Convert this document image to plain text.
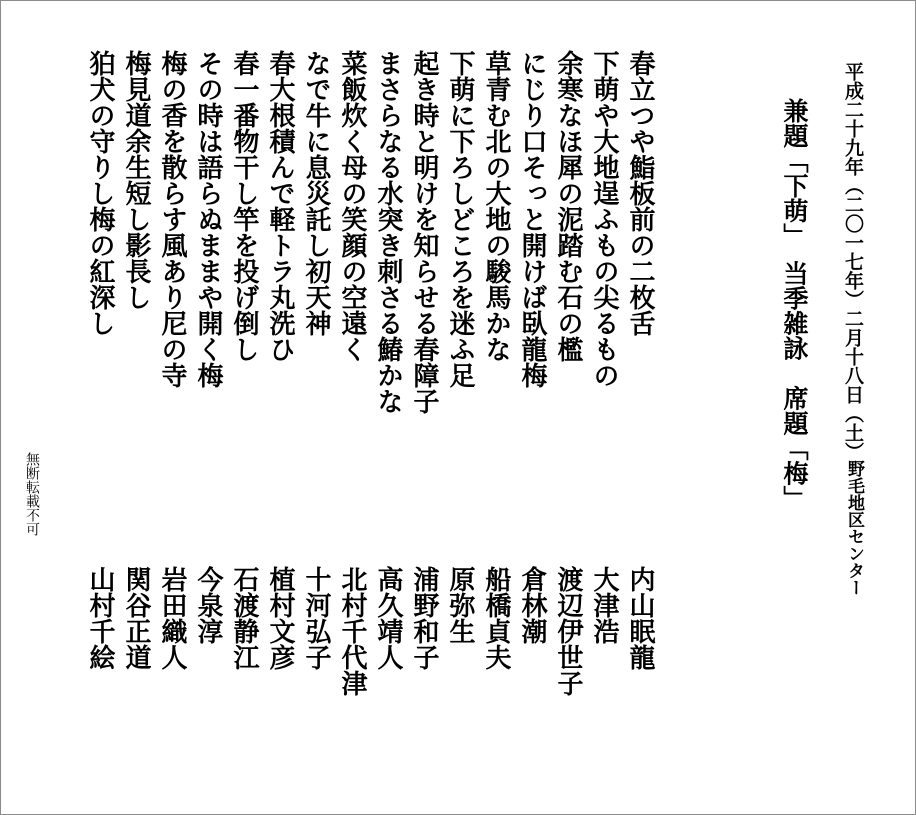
平成二十九年（二〇一七年）二月十八日（土）

野毛地区センター

兼題「下萌」　当季雑詠　席題「梅」

春立つや鮨板前の二枚舌

下萌や大地逞ふもの尖るもの

余寒なほ犀の泥踏む石の檻

にじり口そっと開けば臥龍梅

草青む北の大地の駿馬かな

下萌に下ろしどころを迷ふ足

起き時と明けを知らせる春障子

まさらなる水突き刺さる鰆かな

菜飯炊く母の笑顔の空遠く

なで牛に息災託し初天神

春大根積んで軽トラ丸洗ひ

春一番物干し竿を投げ倒し

その時は語らぬままや開く梅

梅の香を散らす風あり尼の寺

梅見道余生短し影長し

狛犬の守りし梅の紅深し

内山眠龍

大津浩

渡辺伊世子

倉林潮

船橋貞夫

原弥生

浦野和子

高久靖人

北村千代津

十河弘子

植村文彦

石渡静江

今泉淳

岩田織人

関谷正道

山村千絵

無断転載不可
